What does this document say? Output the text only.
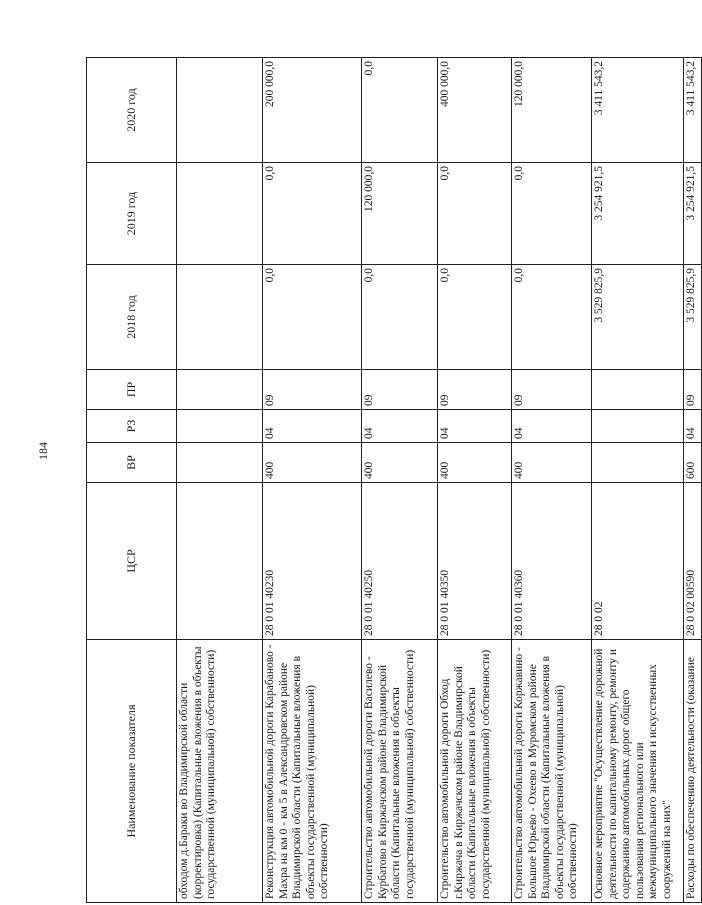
184
Наименование показателя	ЦСР	ВР	РЗ	ПР	2018 год	2019 год	2020 год
обходом д.Бараки во Владимирской области (корректировка) (Капитальные вложения в объекты государственной (муниципальной) собственности)							
Реконструкция автомобильной дороги Карабаново - Махра на км 0 - км 5 в Александровском районе Владимирской области (Капитальные вложения в объекты государственной (муниципальной) собственности)	28 0 01 40230	400	04	09	0,0	0,0	200 000,0
Строительство автомобильной дороги Василево - Курбатово в Киржачском районе Владимирской области (Капитальные вложения в объекты государственной (муниципальной) собственности)	28 0 01 40250	400	04	09	0,0	120 000,0	0,0
Строительство автомобильной дороги Обход г.Киржача в Киржачском районе Владимирской области (Капитальные вложения в объекты государственной (муниципальной) собственности)	28 0 01 40350	400	04	09	0,0	0,0	400 000,0
Строительство автомобильной дороги Коржавино - Большое Юрьево - Охеево в Муромском районе Владимирской области (Капитальные вложения в объекты государственной (муниципальной) собственности)	28 0 01 40360	400	04	09	0,0	0,0	120 000,0
Основное мероприятие "Осуществление дорожной деятельности по капитальному ремонту, ремонту и содержанию автомобильных дорог общего пользования регионального или межмуниципального значения и искусственных сооружений на них"	28 0 02				3 529 825,9	3 254 921,5	3 411 543,2
Расходы по обеспечению деятельности (оказание	28 0 02 00590	600	04	09	3 529 825,9	3 254 921,5	3 411 543,2
